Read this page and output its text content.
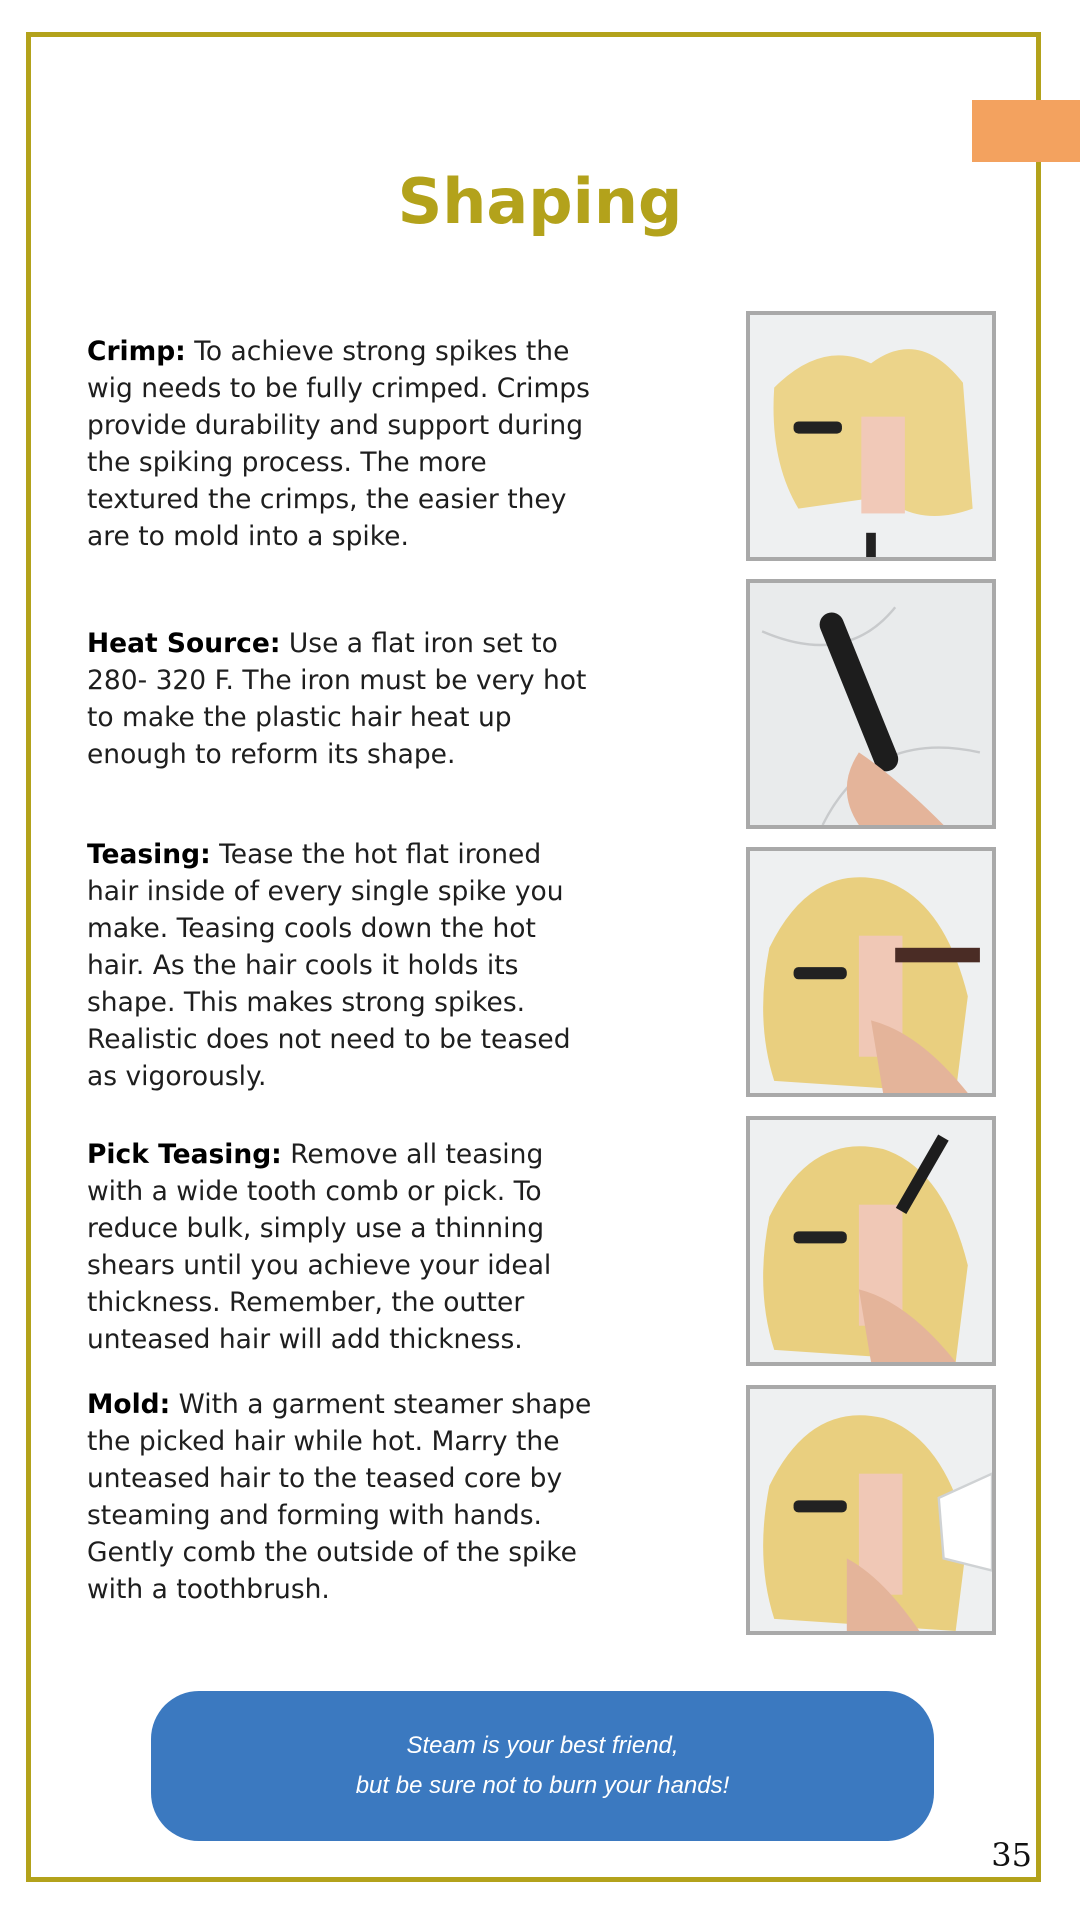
Shaping
Crimp: To achieve strong spikes the wig needs to be fully crimped. Crimps provide durability and support during the spiking process. The more textured the crimps, the easier they are to mold into a spike.
Heat Source: Use a flat iron set to 280- 320 F. The iron must be very hot to make the plastic hair heat up enough to reform its shape.
Teasing: Tease the hot flat ironed hair inside of every single spike you make. Teasing cools down the hot hair. As the hair cools it holds its shape. This makes strong spikes. Realistic does not need to be teased as vigorously.
Pick Teasing: Remove all teasing with a wide tooth comb or pick. To reduce bulk, simply use a thinning shears until you achieve your ideal thickness. Remember, the outter unteased hair will add thickness.
Mold: With a garment steamer shape the picked hair while hot. Marry the unteased hair to the teased core by steaming and forming with hands. Gently comb the outside of the spike with a toothbrush.
Steam is your best friend,
but be sure not to burn your hands!
35
